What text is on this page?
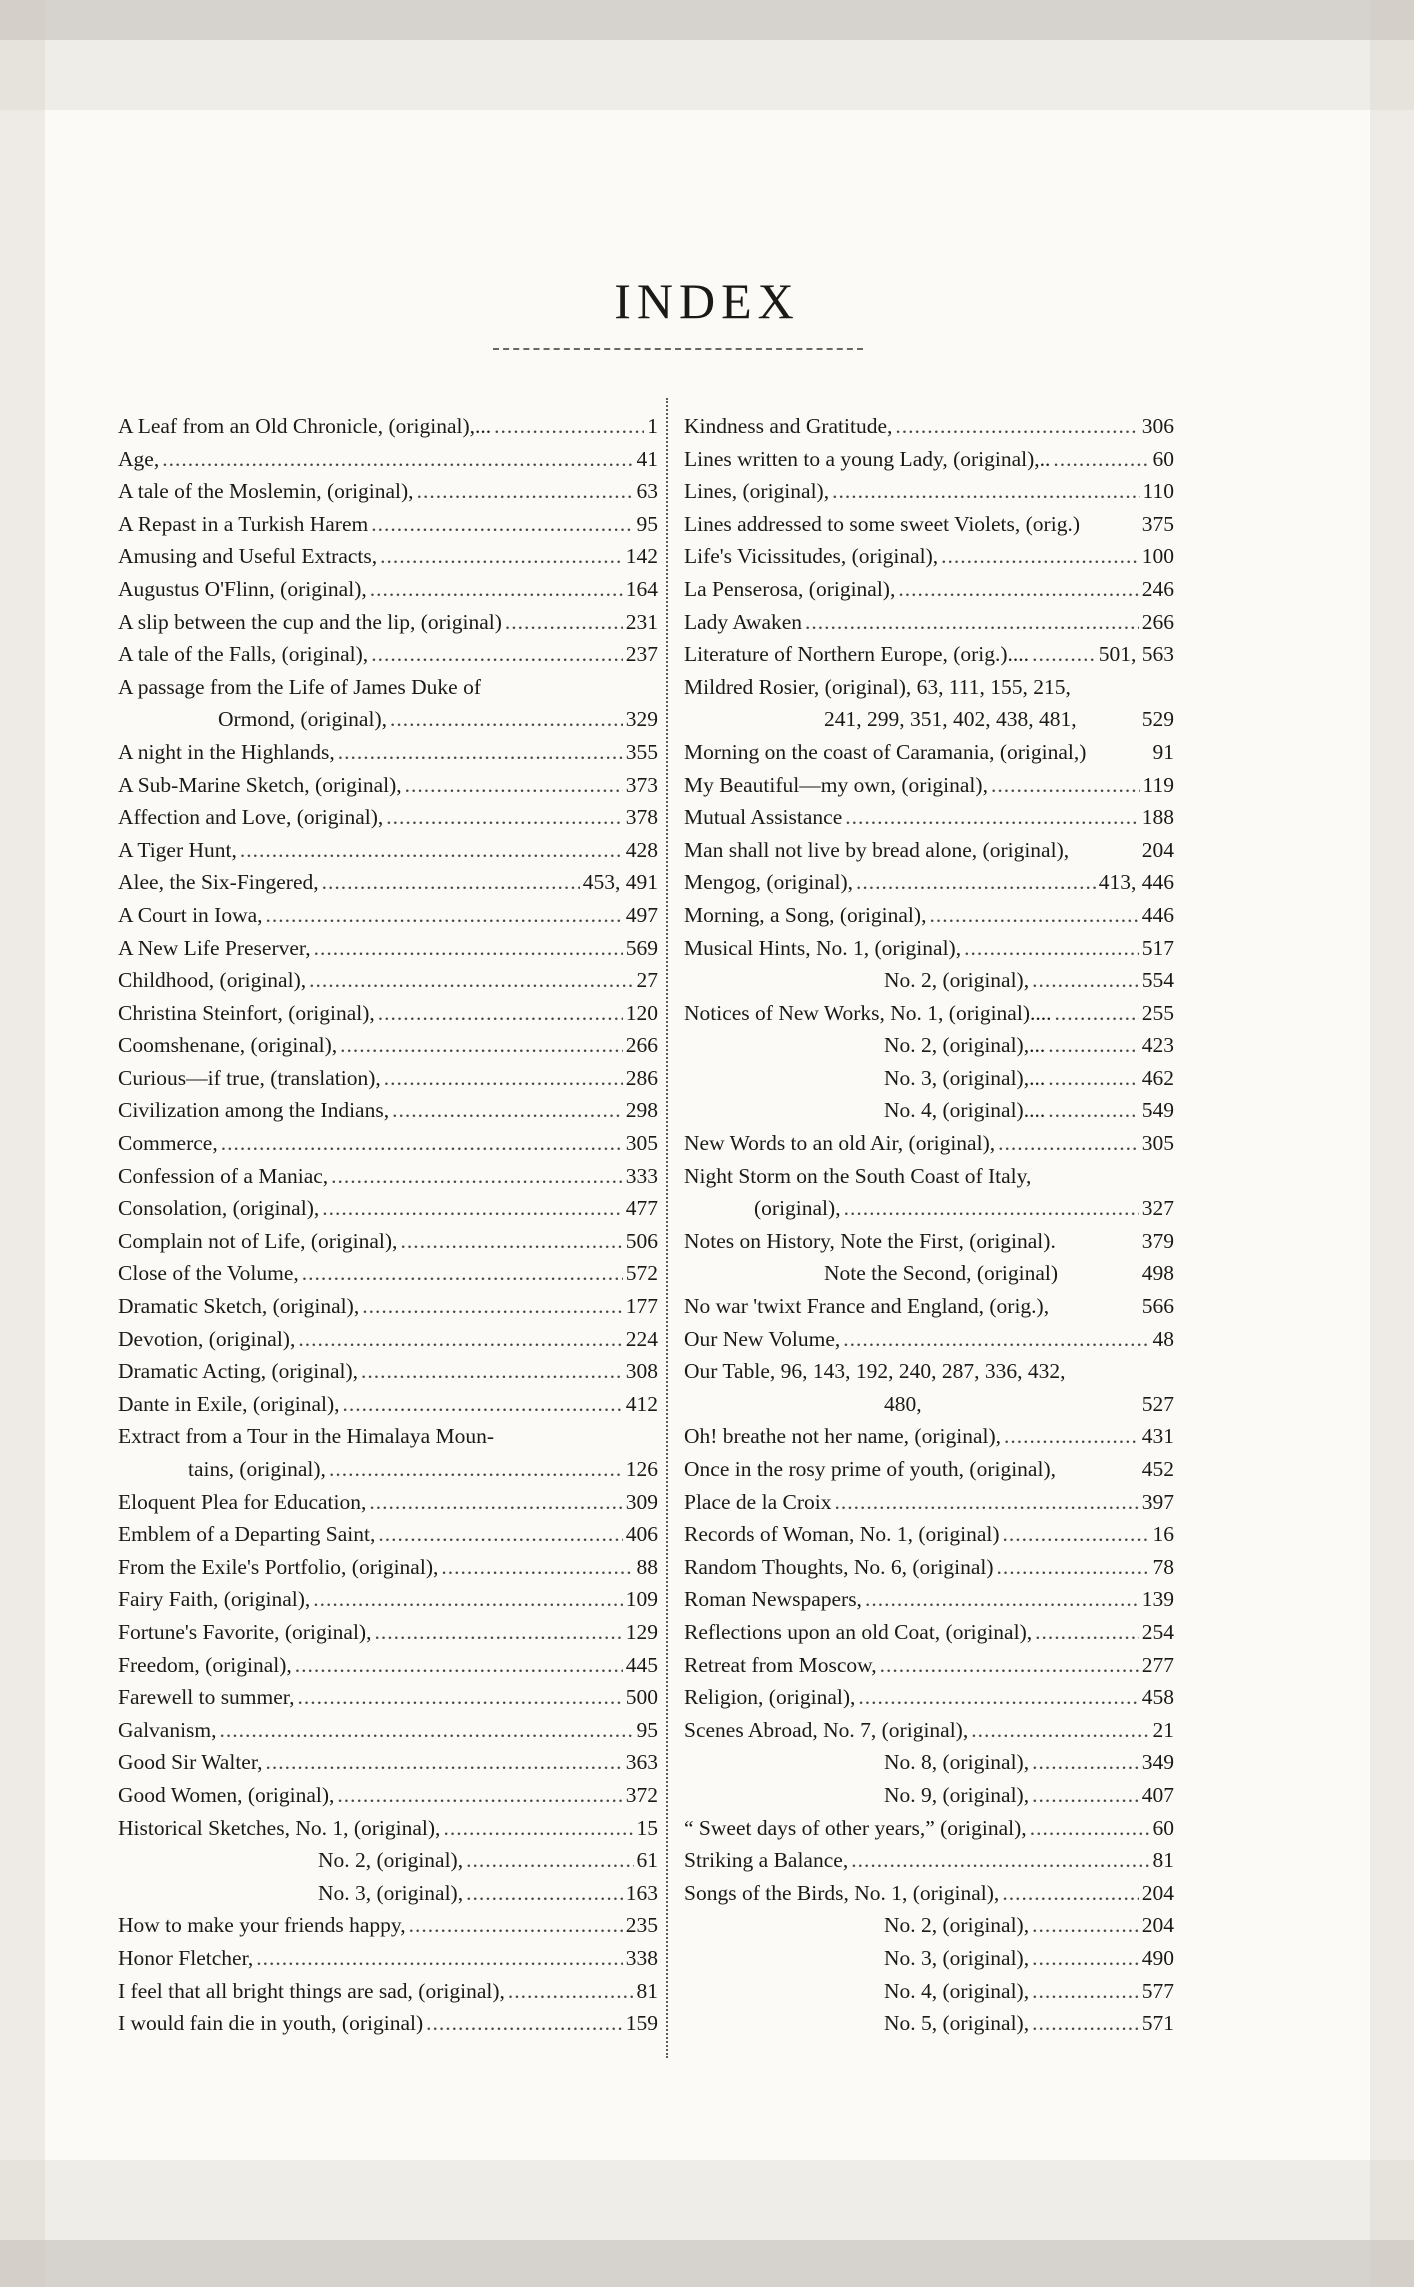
INDEX
A Leaf from an Old Chronicle, (original),... .....	1
Age, .....	41
A tale of the Moslemin, (original), .....	63
A Repast in a Turkish Harem .....	95
Amusing and Useful Extracts, .....	142
Augustus O'Flinn, (original), .....	164
A slip between the cup and the lip, (original) .....	231
A tale of the Falls, (original), .....	237
A passage from the Life of James Duke of
Ormond, (original), .....	329
A night in the Highlands, .....	355
A Sub-Marine Sketch, (original), .....	373
Affection and Love, (original), .....	378
A Tiger Hunt, .....	428
Alee, the Six-Fingered, .....	453, 491
A Court in Iowa, .....	497
A New Life Preserver, .....	569
Childhood, (original), .....	27
Christina Steinfort, (original), .....	120
Coomshenane, (original), .....	266
Curious—if true, (translation), .....	286
Civilization among the Indians, .....	298
Commerce, .....	305
Confession of a Maniac, .....	333
Consolation, (original), .....	477
Complain not of Life, (original), .....	506
Close of the Volume, .....	572
Dramatic Sketch, (original), .....	177
Devotion, (original), .....	224
Dramatic Acting, (original), .....	308
Dante in Exile, (original), .....	412
Extract from a Tour in the Himalaya Moun-
tains, (original), .....	126
Eloquent Plea for Education, .....	309
Emblem of a Departing Saint, .....	406
From the Exile's Portfolio, (original), .....	88
Fairy Faith, (original), .....	109
Fortune's Favorite, (original), .....	129
Freedom, (original), .....	445
Farewell to summer, .....	500
Galvanism, .....	95
Good Sir Walter, .....	363
Good Women, (original), .....	372
Historical Sketches, No. 1, (original), .....	15
No. 2, (original), .....	61
No. 3, (original), .....	163
How to make your friends happy, .....	235
Honor Fletcher, .....	338
I feel that all bright things are sad, (original), .....	81
I would fain die in youth, (original) .....	159
Kindness and Gratitude, .....	306
Lines written to a young Lady, (original),.. .....	60
Lines, (original), .....	110
Lines addressed to some sweet Violets, (orig.)	375
Life's Vicissitudes, (original), .....	100
La Penserosa, (original), .....	246
Lady Awaken .....	266
Literature of Northern Europe, (orig.).... .....	501, 563
Mildred Rosier, (original), 63, 111, 155, 215,
241, 299, 351, 402, 438, 481,	529
Morning on the coast of Caramania, (original,)	91
My Beautiful—my own, (original), .....	119
Mutual Assistance .....	188
Man shall not live by bread alone, (original),	204
Mengog, (original), .....	413, 446
Morning, a Song, (original), .....	446
Musical Hints, No. 1, (original), .....	517
No. 2, (original), .....	554
Notices of New Works, No. 1, (original).... .....	255
No. 2, (original),... .....	423
No. 3, (original),... .....	462
No. 4, (original).... .....	549
New Words to an old Air, (original), .....	305
Night Storm on the South Coast of Italy,
(original), .....	327
Notes on History, Note the First, (original).	379
Note the Second, (original)	498
No war 'twixt France and England, (orig.),	566
Our New Volume, .....	48
Our Table, 96, 143, 192, 240, 287, 336, 432,
480,	527
Oh! breathe not her name, (original), .....	431
Once in the rosy prime of youth, (original),	452
Place de la Croix .....	397
Records of Woman, No. 1, (original) .....	16
Random Thoughts, No. 6, (original) .....	78
Roman Newspapers, .....	139
Reflections upon an old Coat, (original), .....	254
Retreat from Moscow, .....	277
Religion, (original), .....	458
Scenes Abroad, No. 7, (original), .....	21
No. 8, (original), .....	349
No. 9, (original), .....	407
“ Sweet days of other years,” (original), .....	60
Striking a Balance, .....	81
Songs of the Birds, No. 1, (original), .....	204
No. 2, (original), .....	204
No. 3, (original), .....	490
No. 4, (original), .....	577
No. 5, (original), .....	571
